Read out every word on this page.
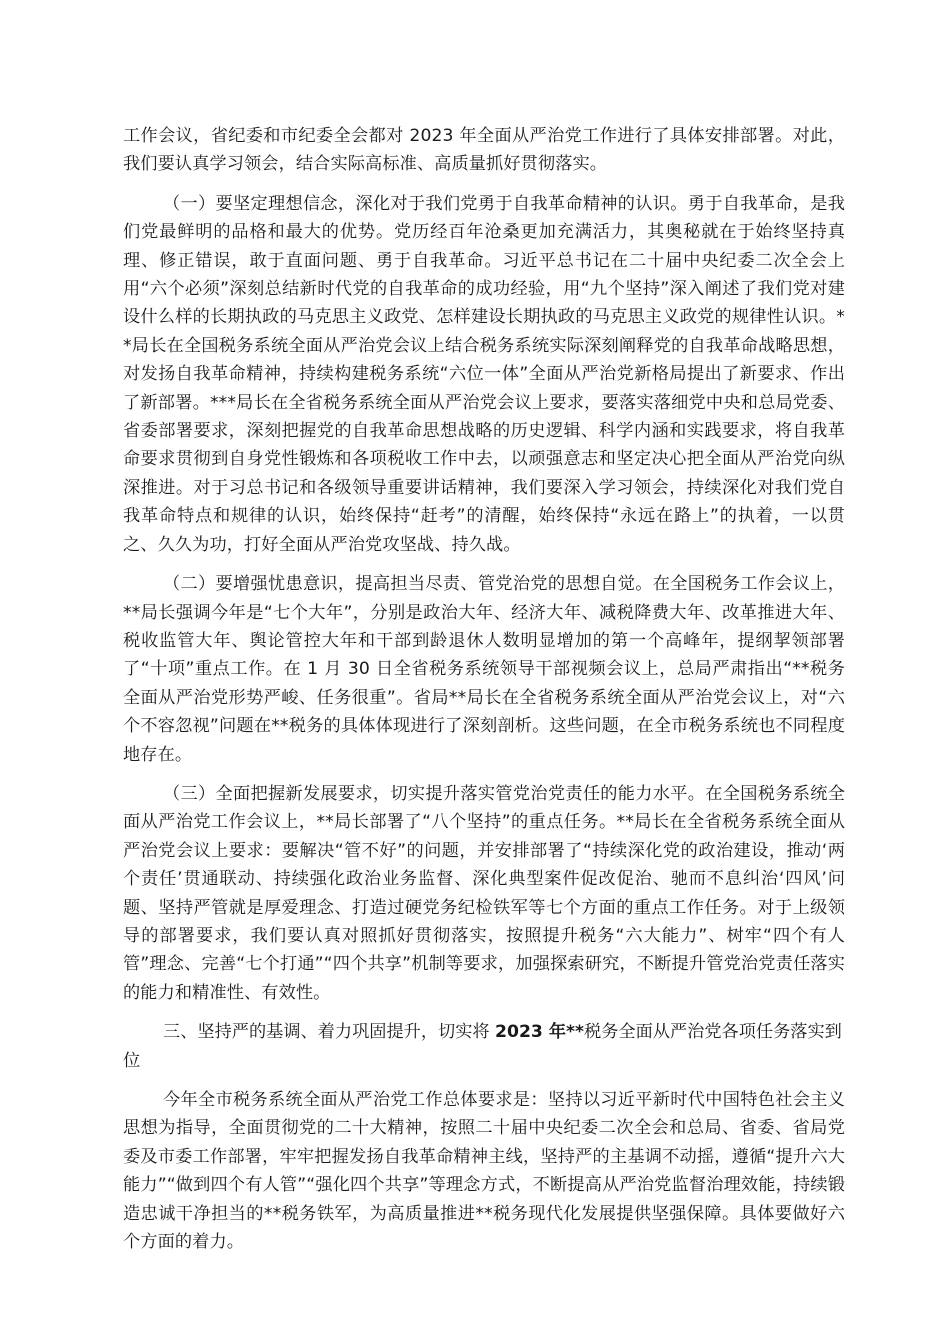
工作会议，省纪委和市纪委全会都对 2023 年全面从严治党工作进行了具体安排部署。对此，我们要认真学习领会，结合实际高标准、高质量抓好贯彻落实。

（一）要坚定理想信念，深化对于我们党勇于自我革命精神的认识。勇于自我革命，是我们党最鲜明的品格和最大的优势。党历经百年沧桑更加充满活力，其奥秘就在于始终坚持真理、修正错误，敢于直面问题、勇于自我革命。习近平总书记在二十届中央纪委二次全会上用“六个必须”深刻总结新时代党的自我革命的成功经验，用“九个坚持”深入阐述了我们党对建设什么样的长期执政的马克思主义政党、怎样建设长期执政的马克思主义政党的规律性认识。**局长在全国税务系统全面从严治党会议上结合税务系统实际深刻阐释党的自我革命战略思想，对发扬自我革命精神，持续构建税务系统“六位一体”全面从严治党新格局提出了新要求、作出了新部署。***局长在全省税务系统全面从严治党会议上要求，要落实落细党中央和总局党委、省委部署要求，深刻把握党的自我革命思想战略的历史逻辑、科学内涵和实践要求，将自我革命要求贯彻到自身党性锻炼和各项税收工作中去，以顽强意志和坚定决心把全面从严治党向纵深推进。对于习总书记和各级领导重要讲话精神，我们要深入学习领会，持续深化对我们党自我革命特点和规律的认识，始终保持“赶考”的清醒，始终保持“永远在路上”的执着，一以贯之、久久为功，打好全面从严治党攻坚战、持久战。

（二）要增强忧患意识，提高担当尽责、管党治党的思想自觉。在全国税务工作会议上，**局长强调今年是“七个大年”，分别是政治大年、经济大年、减税降费大年、改革推进大年、税收监管大年、舆论管控大年和干部到龄退休人数明显增加的第一个高峰年，提纲挈领部署了“十项”重点工作。在 1 月 30 日全省税务系统领导干部视频会议上，总局严肃指出“**税务全面从严治党形势严峻、任务很重”。省局**局长在全省税务系统全面从严治党会议上，对“六个不容忽视”问题在**税务的具体体现进行了深刻剖析。这些问题，在全市税务系统也不同程度地存在。

（三）全面把握新发展要求，切实提升落实管党治党责任的能力水平。在全国税务系统全面从严治党工作会议上，**局长部署了“八个坚持”的重点任务。**局长在全省税务系统全面从严治党会议上要求：要解决“管不好”的问题，并安排部署了“持续深化党的政治建设，推动‘两个责任’贯通联动、持续强化政治业务监督、深化典型案件促改促治、驰而不息纠治‘四风’问题、坚持严管就是厚爱理念、打造过硬党务纪检铁军等七个方面的重点工作任务。对于上级领导的部署要求，我们要认真对照抓好贯彻落实，按照提升税务“六大能力”、树牢“四个有人管”理念、完善“七个打通”“四个共享”机制等要求，加强探索研究，不断提升管党治党责任落实的能力和精准性、有效性。

三、坚持严的基调、着力巩固提升，切实将 2023 年**税务全面从严治党各项任务落实到位

今年全市税务系统全面从严治党工作总体要求是：坚持以习近平新时代中国特色社会主义思想为指导，全面贯彻党的二十大精神，按照二十届中央纪委二次全会和总局、省委、省局党委及市委工作部署，牢牢把握发扬自我革命精神主线，坚持严的主基调不动摇，遵循“提升六大能力”“做到四个有人管”“强化四个共享”等理念方式，不断提高从严治党监督治理效能，持续锻造忠诚干净担当的**税务铁军，为高质量推进**税务现代化发展提供坚强保障。具体要做好六个方面的着力。
